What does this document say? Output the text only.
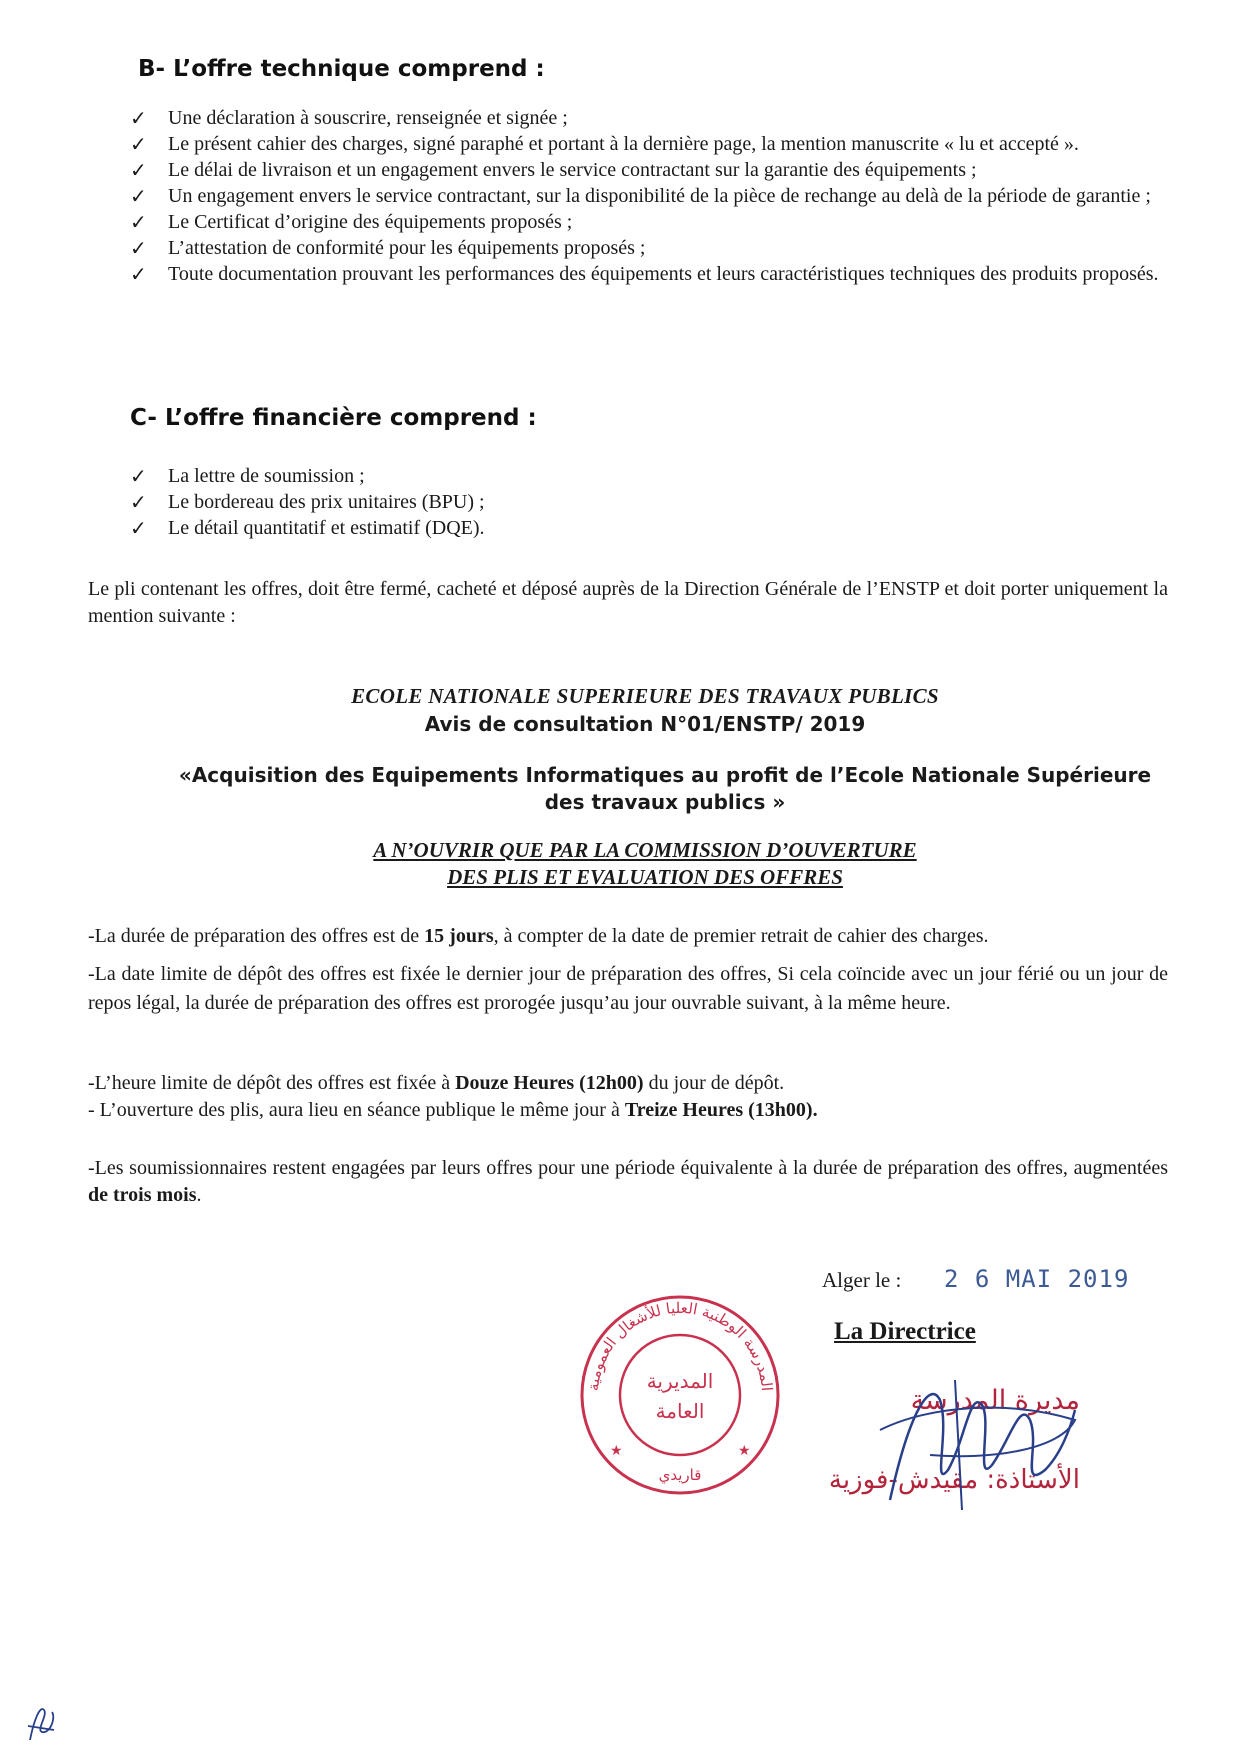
B- L’offre technique comprend :
✓ Une déclaration à souscrire, renseignée et signée ;
✓ Le présent cahier des charges, signé paraphé et portant à la dernière page, la mention manuscrite « lu et accepté ».
✓ Le délai de livraison et un engagement envers le service contractant sur la garantie des équipements ;
✓ Un engagement envers le service contractant, sur la disponibilité de la pièce de rechange au delà de la période de garantie ;
✓ Le Certificat d’origine des équipements proposés ;
✓ L’attestation de conformité pour les équipements proposés ;
✓ Toute documentation prouvant les performances des équipements et leurs caractéristiques techniques des produits proposés.
C- L’offre financière comprend :
✓ La lettre de soumission ;
✓ Le bordereau des prix unitaires (BPU) ;
✓ Le détail quantitatif et estimatif (DQE).

Le pli contenant les offres, doit être fermé, cacheté et déposé auprès de la Direction Générale de l’ENSTP et doit porter uniquement la mention suivante :

ECOLE NATIONALE SUPERIEURE DES TRAVAUX PUBLICS
Avis de consultation N°01/ENSTP/ 2019
«Acquisition des Equipements Informatiques au profit de l’Ecole Nationale Supérieure
des travaux publics »
A N’OUVRIR QUE PAR LA COMMISSION D’OUVERTURE
DES PLIS ET EVALUATION DES OFFRES

-La durée de préparation des offres est de 15 jours, à compter de la date de premier retrait de cahier des charges.

-La date limite de dépôt des offres est fixée le dernier jour de préparation des offres, Si cela coïncide avec un jour férié ou un jour de repos légal, la durée de préparation des offres est prorogée jusqu’au jour ouvrable suivant, à la même heure.

-L’heure limite de dépôt des offres est fixée à Douze Heures (12h00) du jour de dépôt.

- L’ouverture des plis, aura lieu en séance publique le même jour à Treize Heures (13h00).

-Les soumissionnaires restent engagées par leurs offres pour une période équivalente à la durée de préparation des offres, augmentées de trois mois.

Alger le : 2 6 MAI 2019
La Directrice
المدرسة الوطنية العليا للأشغال العمومية
المديرية
العامة
قاريدي
★	★
مديرة المدرسة
الأستاذة: مقيدش-فوزية
